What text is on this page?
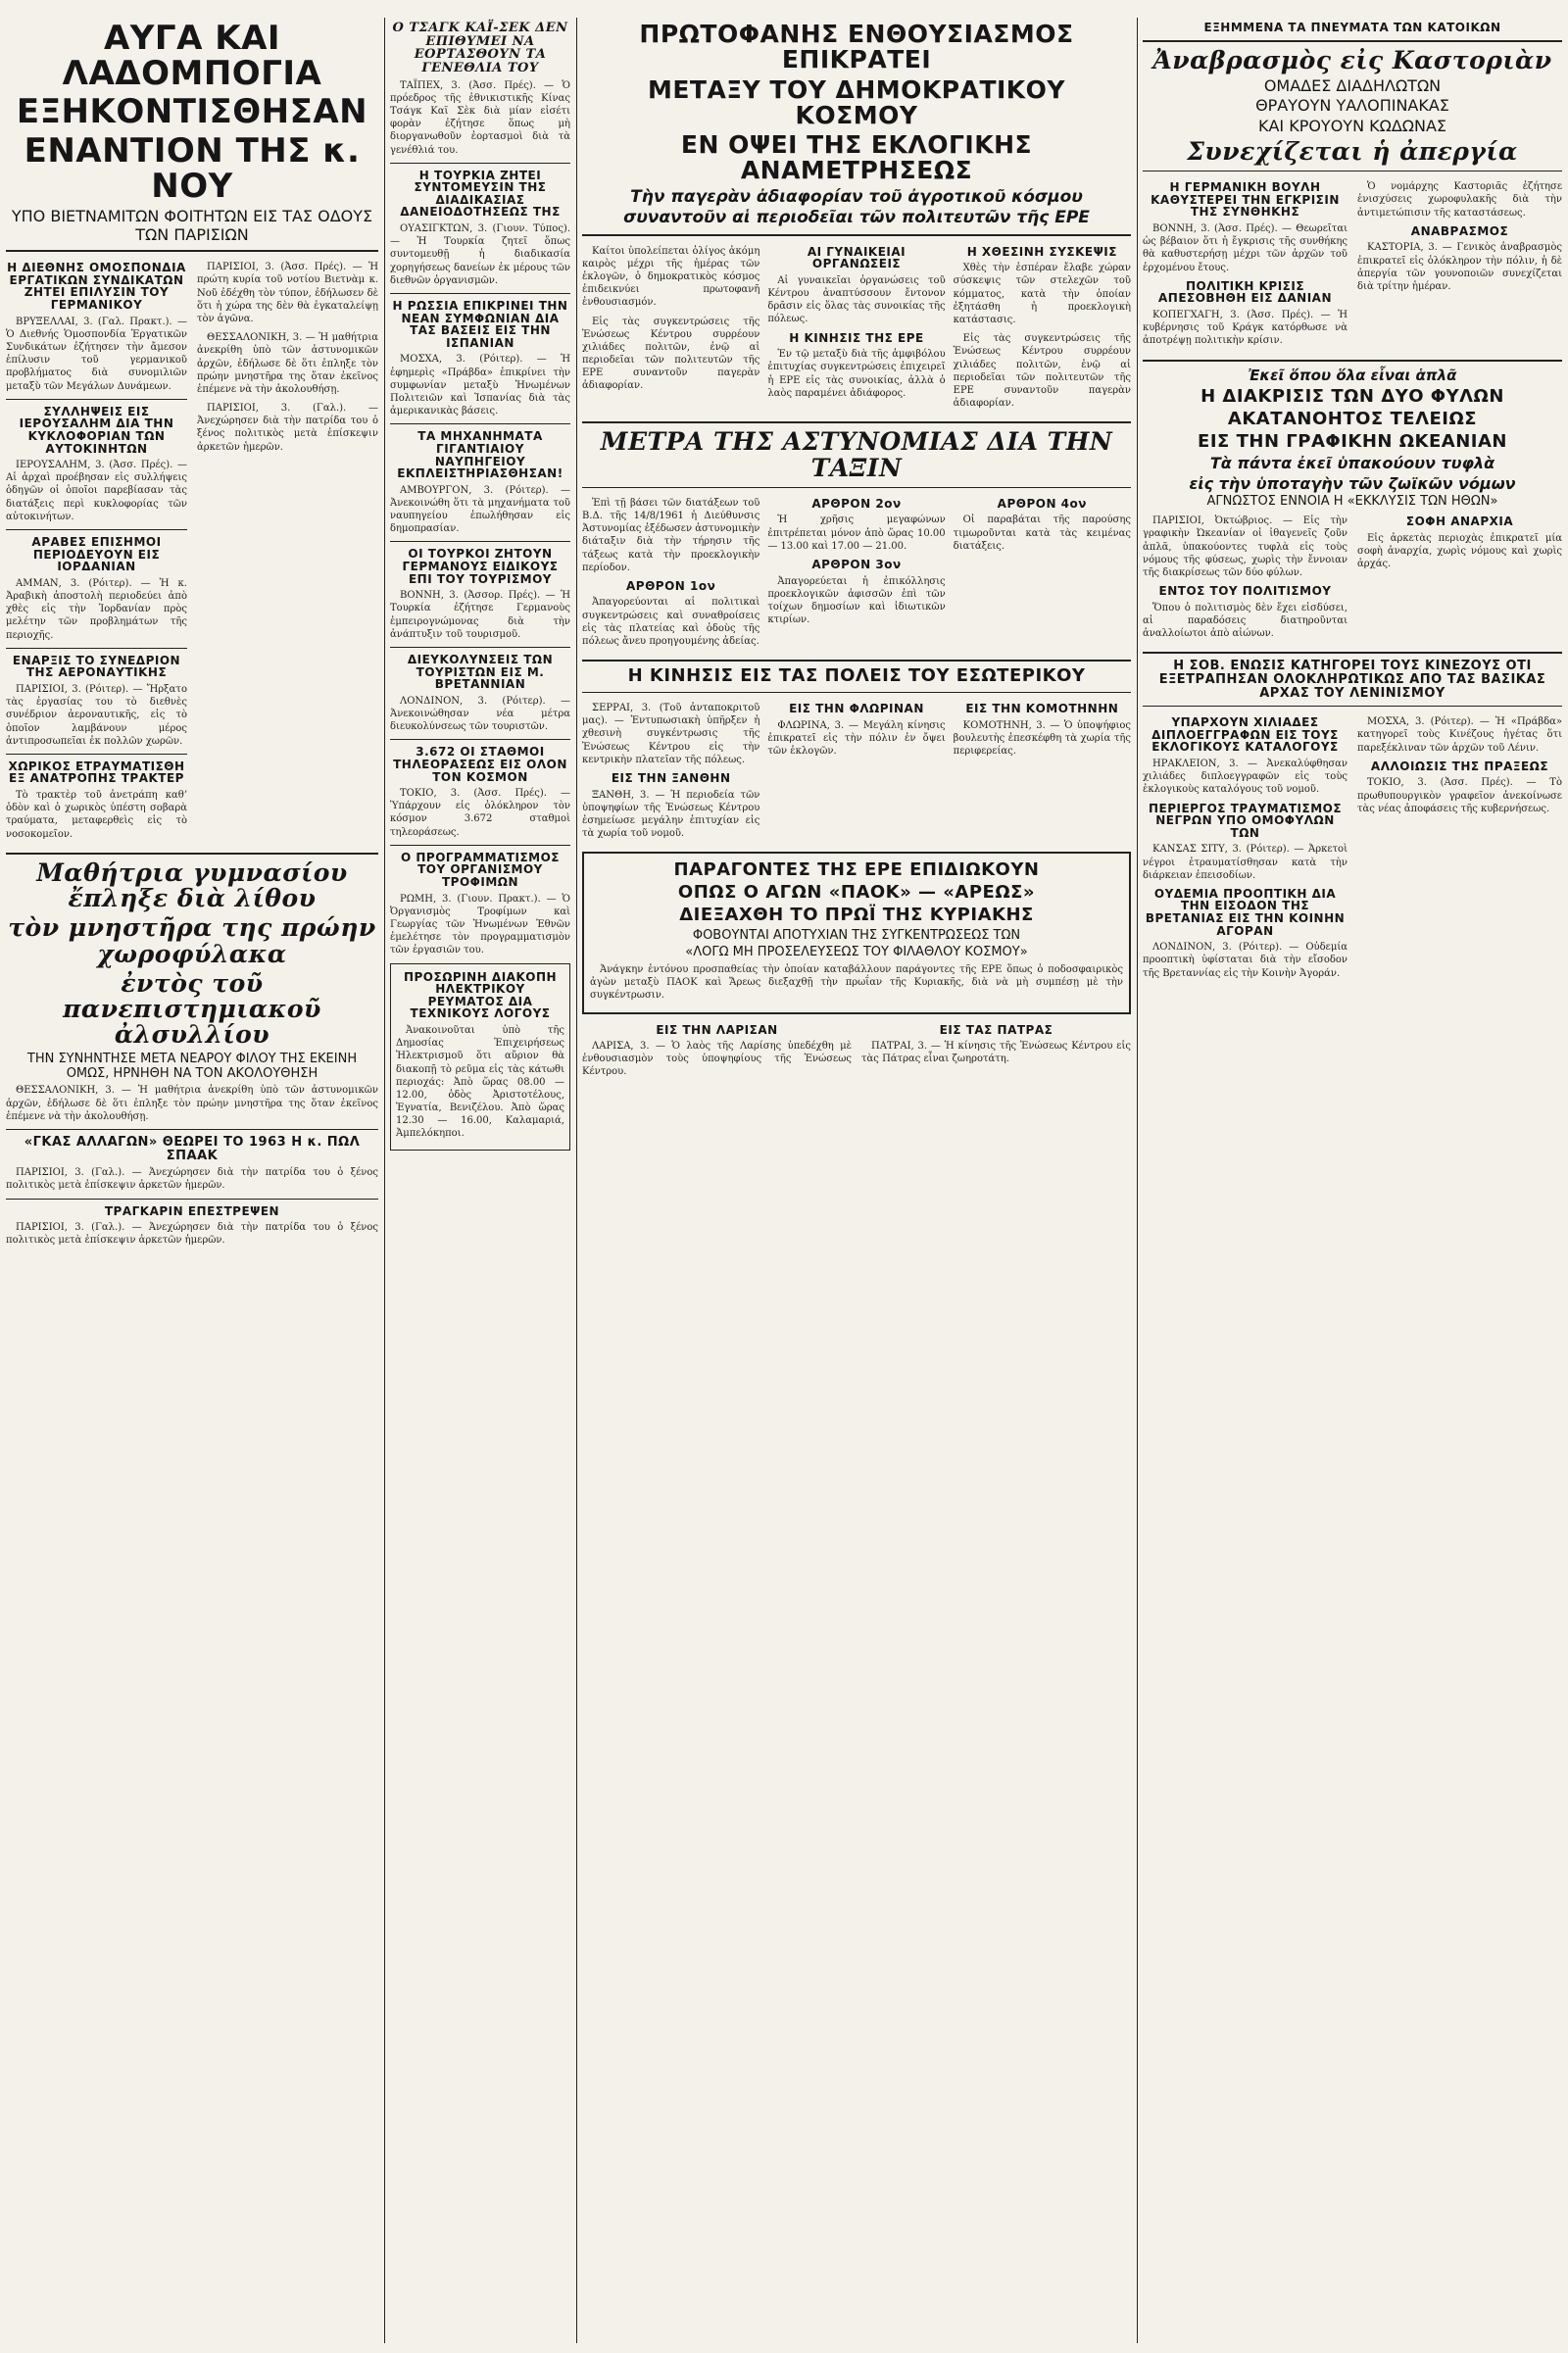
ΑΥΓΑ ΚΑΙ ΛΑΔΟΜΠΟΓΙΑ
ΕΞΗΚΟΝΤΙΣΘΗΣΑΝ
ΕΝΑΝΤΙΟΝ ΤΗΣ κ. ΝΟΥ
ΥΠΟ ΒΙΕΤΝΑΜΙΤΩΝ ΦΟΙΤΗΤΩΝ ΕΙΣ ΤΑΣ ΟΔΟΥΣ ΤΩΝ ΠΑΡΙΣΙΩΝ
Η ΔΙΕΘΝΗΣ ΟΜΟΣΠΟΝΔΙΑ ΕΡΓΑΤΙΚΩΝ ΣΥΝΔΙΚΑΤΩΝ ΖΗΤΕΙ ΕΠΙΛΥΣΙΝ ΤΟΥ ΓΕΡΜΑΝΙΚΟΥ

ΒΡΥΞΕΛΛΑΙ, 3. (Γαλ. Πρακτ.). — Ὁ Διεθνής Ὁμοσπονδία Ἐργατικῶν Συνδικάτων ἐζήτησεν τὴν ἄμεσον ἐπίλυσιν τοῦ γερμανικοῦ προβλήματος διὰ συνομιλιῶν μεταξὺ τῶν Μεγάλων Δυνάμεων.

ΣΥΛΛΗΨΕΙΣ ΕΙΣ ΙΕΡΟΥΣΑΛΗΜ ΔΙΑ ΤΗΝ ΚΥΚΛΟΦΟΡΙΑΝ ΤΩΝ ΑΥΤΟΚΙΝΗΤΩΝ

ΙΕΡΟΥΣΑΛΗΜ, 3. (Ἀσσ. Πρές). — Αἱ ἀρχαὶ προέβησαν εἰς συλλήψεις ὁδηγῶν οἱ ὁποῖοι παρεβίασαν τὰς διατάξεις περὶ κυκλοφορίας τῶν αὐτοκινήτων.

ΑΡΑΒΕΣ ΕΠΙΣΗΜΟΙ ΠΕΡΙΟΔΕΥΟΥΝ ΕΙΣ ΙΟΡΔΑΝΙΑΝ

ΑΜΜΑΝ, 3. (Ρόιτερ). — Ἡ κ. Ἀραβικὴ ἀποστολὴ περιοδεύει ἀπὸ χθὲς εἰς τὴν Ἰορδανίαν πρὸς μελέτην τῶν προβλημάτων τῆς περιοχῆς.

ΕΝΑΡΞΙΣ ΤΟ ΣΥΝΕΔΡΙΟΝ ΤΗΣ ΑΕΡΟΝΑΥΤΙΚΗΣ

ΠΑΡΙΣΙΟΙ, 3. (Ρόιτερ). — Ἤρξατο τὰς ἐργασίας του τὸ διεθνὲς συνέδριον ἀεροναυτικῆς, εἰς τὸ ὁποῖον λαμβάνουν μέρος ἀντιπροσωπεῖαι ἐκ πολλῶν χωρῶν.

ΧΩΡΙΚΟΣ ΕΤΡΑΥΜΑΤΙΣΘΗ ΕΞ ΑΝΑΤΡΟΠΗΣ ΤΡΑΚΤΕΡ

Τὸ τρακτὲρ τοῦ ἀνετράπη καθ’ ὁδὸν καὶ ὁ χωρικὸς ὑπέστη σοβαρὰ τραύματα, μεταφερθεὶς εἰς τὸ νοσοκομεῖον.

ΠΑΡΙΣΙΟΙ, 3. (Ἀσσ. Πρές). — Ἡ πρώτη κυρία τοῦ νοτίου Βιετνὰμ κ. Νοῦ ἐδέχθη τὸν τύπον, ἐδήλωσεν δὲ ὅτι ἡ χώρα της δὲν θὰ ἐγκαταλείψῃ τὸν ἀγῶνα.

ΘΕΣΣΑΛΟΝΙΚΗ, 3. — Ἡ μαθήτρια ἀνεκρίθη ὑπὸ τῶν ἀστυνομικῶν ἀρχῶν, ἐδήλωσε δὲ ὅτι ἐπληξε τὸν πρώην μνηστῆρα της ὅταν ἐκεῖνος ἐπέμενε νὰ τὴν ἀκολουθήσῃ.

ΠΑΡΙΣΙΟΙ, 3. (Γαλ.). — Ἀνεχώρησεν διὰ τὴν πατρίδα του ὁ ξένος πολιτικὸς μετὰ ἐπίσκεψιν ἀρκετῶν ἡμερῶν.

Μαθήτρια γυμνασίου ἔπληξε διὰ λίθου
τὸν μνηστῆρα της πρώην χωροφύλακα
ἐντὸς τοῦ πανεπιστημιακοῦ ἀλσυλλίου
ΤΗΝ ΣΥΝΗΝΤΗΣΕ ΜΕΤΑ ΝΕΑΡΟΥ ΦΙΛΟΥ ΤΗΣ ΕΚΕΙΝΗ ΟΜΩΣ, ΗΡΝΗΘΗ ΝΑ ΤΟΝ ΑΚΟΛΟΥΘΗΣΗ

ΘΕΣΣΑΛΟΝΙΚΗ, 3. — Ἡ μαθήτρια ἀνεκρίθη ὑπὸ τῶν ἀστυνομικῶν ἀρχῶν, ἐδήλωσε δὲ ὅτι ἐπληξε τὸν πρώην μνηστῆρα της ὅταν ἐκεῖνος ἐπέμενε νὰ τὴν ἀκολουθήσῃ.

«ΓΚΑΣ ΑΛΛΑΓΩΝ» ΘΕΩΡΕΙ ΤΟ 1963 Η κ. ΠΩΛ ΣΠΑΑΚ

ΠΑΡΙΣΙΟΙ, 3. (Γαλ.). — Ἀνεχώρησεν διὰ τὴν πατρίδα του ὁ ξένος πολιτικὸς μετὰ ἐπίσκεψιν ἀρκετῶν ἡμερῶν.

ΤΡΑΓΚΑΡΙΝ ΕΠΕΣΤΡΕΨΕΝ

ΠΑΡΙΣΙΟΙ, 3. (Γαλ.). — Ἀνεχώρησεν διὰ τὴν πατρίδα του ὁ ξένος πολιτικὸς μετὰ ἐπίσκεψιν ἀρκετῶν ἡμερῶν.

Ο ΤΣΑΓΚ ΚΑΪ-ΣΕΚ ΔΕΝ ΕΠΙΘΥΜΕΙ ΝΑ ΕΟΡΤΑΣΘΟΥΝ ΤΑ ΓΕΝΕΘΛΙΑ ΤΟΥ

ΤΑΪΠΕΧ, 3. (Ἀσσ. Πρές). — Ὁ πρόεδρος τῆς ἐθνικιστικῆς Κίνας Τσάγκ Καϊ Σὲκ διὰ μίαν εἰσέτι φορὰν ἐζήτησε ὅπως μὴ διοργανωθοῦν ἑορτασμοὶ διὰ τὰ γενέθλιά του.

Η ΤΟΥΡΚΙΑ ΖΗΤΕΙ ΣΥΝΤΟΜΕΥΣΙΝ ΤΗΣ ΔΙΑΔΙΚΑΣΙΑΣ ΔΑΝΕΙΟΔΟΤΗΣΕΩΣ ΤΗΣ

ΟΥΑΣΙΓΚΤΩΝ, 3. (Γιουν. Τύπος). — Ἡ Τουρκία ζητεῖ ὅπως συντομευθῇ ἡ διαδικασία χορηγήσεως δανείων ἐκ μέρους τῶν διεθνῶν ὀργανισμῶν.

Η ΡΩΣΣΙΑ ΕΠΙΚΡΙΝΕΙ ΤΗΝ ΝΕΑΝ ΣΥΜΦΩΝΙΑΝ ΔΙΑ ΤΑΣ ΒΑΣΕΙΣ ΕΙΣ ΤΗΝ ΙΣΠΑΝΙΑΝ

ΜΟΣΧΑ, 3. (Ρόιτερ). — Ἡ ἐφημερὶς «Πράβδα» ἐπικρίνει τὴν συμφωνίαν μεταξὺ Ἡνωμένων Πολιτειῶν καὶ Ἱσπανίας διὰ τὰς ἀμερικανικὰς βάσεις.

ΤΑ ΜΗΧΑΝΗΜΑΤΑ ΓΙΓΑΝΤΙΑΙΟΥ ΝΑΥΠΗΓΕΙΟΥ ΕΚΠΛΕΙΣΤΗΡΙΑΣΘΗΣΑΝ!

ΑΜΒΟΥΡΓΟΝ, 3. (Ρόιτερ). — Ἀνεκοινώθη ὅτι τὰ μηχανήματα τοῦ ναυπηγείου ἐπωλήθησαν εἰς δημοπρασίαν.

ΟΙ ΤΟΥΡΚΟΙ ΖΗΤΟΥΝ ΓΕΡΜΑΝΟΥΣ ΕΙΔΙΚΟΥΣ ΕΠΙ ΤΟΥ ΤΟΥΡΙΣΜΟΥ

ΒΟΝΝΗ, 3. (Ἀσσορ. Πρές). — Ἡ Τουρκία ἐζήτησε Γερμανοὺς ἐμπειρογνώμονας διὰ τὴν ἀνάπτυξιν τοῦ τουρισμοῦ.

ΔΙΕΥΚΟΛΥΝΣΕΙΣ ΤΩΝ ΤΟΥΡΙΣΤΩΝ ΕΙΣ Μ. ΒΡΕΤΑΝΝΙΑΝ

ΛΟΝΔΙΝΟΝ, 3. (Ρόιτερ). — Ἀνεκοινώθησαν νέα μέτρα διευκολύνσεως τῶν τουριστῶν.

3.672 ΟΙ ΣΤΑΘΜΟΙ ΤΗΛΕΟΡΑΣΕΩΣ ΕΙΣ ΟΛΟΝ ΤΟΝ ΚΟΣΜΟΝ

ΤΟΚΙΟ, 3. (Ἀσσ. Πρές). — Ὑπάρχουν εἰς ὁλόκληρον τὸν κόσμον 3.672 σταθμοὶ τηλεοράσεως.

Ο ΠΡΟΓΡΑΜΜΑΤΙΣΜΟΣ ΤΟΥ ΟΡΓΑΝΙΣΜΟΥ ΤΡΟΦΙΜΩΝ

ΡΩΜΗ, 3. (Γιουν. Πρακτ.). — Ὁ Ὀργανισμὸς Τροφίμων καὶ Γεωργίας τῶν Ἡνωμένων Ἐθνῶν ἐμελέτησε τὸν προγραμματισμὸν τῶν ἐργασιῶν του.

ΠΡΟΣΩΡΙΝΗ ΔΙΑΚΟΠΗ ΗΛΕΚΤΡΙΚΟΥ ΡΕΥΜΑΤΟΣ ΔΙΑ ΤΕΧΝΙΚΟΥΣ ΛΟΓΟΥΣ

Ἀνακοινοῦται ὑπὸ τῆς Δημοσίας Ἐπιχειρήσεως Ἠλεκτρισμοῦ ὅτι αὔριον θὰ διακοπῇ τὸ ρεῦμα εἰς τὰς κάτωθι περιοχάς: Ἀπὸ ὥρας 08.00 — 12.00, ὁδὸς Ἀριστοτέλους, Ἐγνατία, Βενιζέλου. Ἀπὸ ὥρας 12.30 — 16.00, Καλαμαριά, Ἀμπελόκηποι.

ΠΡΩΤΟΦΑΝΗΣ ΕΝΘΟΥΣΙΑΣΜΟΣ ΕΠΙΚΡΑΤΕΙ
ΜΕΤΑΞΥ ΤΟΥ ΔΗΜΟΚΡΑΤΙΚΟΥ ΚΟΣΜΟΥ
ΕΝ ΟΨΕΙ ΤΗΣ ΕΚΛΟΓΙΚΗΣ ΑΝΑΜΕΤΡΗΣΕΩΣ
Τὴν παγερὰν ἀδιαφορίαν τοῦ ἀγροτικοῦ κόσμου
συναντοῦν αἱ περιοδεῖαι τῶν πολιτευτῶν τῆς ΕΡΕ

Καίτοι ὑπολείπεται ὀλίγος ἀκόμη καιρὸς μέχρι τῆς ἡμέρας τῶν ἐκλογῶν, ὁ δημοκρατικὸς κόσμος ἐπιδεικνύει πρωτοφανῆ ἐνθουσιασμόν.

Εἰς τὰς συγκεντρώσεις τῆς Ἑνώσεως Κέντρου συρρέουν χιλιάδες πολιτῶν, ἐνῷ αἱ περιοδεῖαι τῶν πολιτευτῶν τῆς ΕΡΕ συναντοῦν παγερὰν ἀδιαφορίαν.

ΑΙ ΓΥΝΑΙΚΕΙΑΙ ΟΡΓΑΝΩΣΕΙΣ

Αἱ γυναικεῖαι ὀργανώσεις τοῦ Κέντρου ἀναπτύσσουν ἔντονον δρᾶσιν εἰς ὅλας τὰς συνοικίας τῆς πόλεως.

Η ΚΙΝΗΣΙΣ ΤΗΣ ΕΡΕ

Ἐν τῷ μεταξὺ διὰ τῆς ἀμφιβόλου ἐπιτυχίας συγκεντρώσεις ἐπιχειρεῖ ἡ ΕΡΕ εἰς τὰς συνοικίας, ἀλλὰ ὁ λαὸς παραμένει ἀδιάφορος.

Η ΧΘΕΣΙΝΗ ΣΥΣΚΕΨΙΣ

Χθὲς τὴν ἑσπέραν ἔλαβε χώραν σύσκεψις τῶν στελεχῶν τοῦ κόμματος, κατὰ τὴν ὁποίαν ἐξητάσθη ἡ προεκλογικὴ κατάστασις.

Εἰς τὰς συγκεντρώσεις τῆς Ἑνώσεως Κέντρου συρρέουν χιλιάδες πολιτῶν, ἐνῷ αἱ περιοδεῖαι τῶν πολιτευτῶν τῆς ΕΡΕ συναντοῦν παγερὰν ἀδιαφορίαν.

ΜΕΤΡΑ ΤΗΣ ΑΣΤΥΝΟΜΙΑΣ ΔΙΑ ΤΗΝ ΤΑΞΙΝ

Ἐπὶ τῇ βάσει τῶν διατάξεων τοῦ Β.Δ. τῆς 14/8/1961 ἡ Διεύθυνσις Ἀστυνομίας ἐξέδωσεν ἀστυνομικὴν διάταξιν διὰ τὴν τήρησιν τῆς τάξεως κατὰ τὴν προεκλογικὴν περίοδον.

ΑΡΘΡΟΝ 1ον

Ἀπαγορεύονται αἱ πολιτικαὶ συγκεντρώσεις καὶ συναθροίσεις εἰς τὰς πλατείας καὶ ὁδοὺς τῆς πόλεως ἄνευ προηγουμένης ἀδείας.

ΑΡΘΡΟΝ 2ον

Ἡ χρῆσις μεγαφώνων ἐπιτρέπεται μόνον ἀπὸ ὥρας 10.00 — 13.00 καὶ 17.00 — 21.00.

ΑΡΘΡΟΝ 3ον

Ἀπαγορεύεται ἡ ἐπικόλλησις προεκλογικῶν ἀφισσῶν ἐπὶ τῶν τοίχων δημοσίων καὶ ἰδιωτικῶν κτιρίων.

ΑΡΘΡΟΝ 4ον

Οἱ παραβάται τῆς παρούσης τιμωροῦνται κατὰ τὰς κειμένας διατάξεις.

Η ΚΙΝΗΣΙΣ ΕΙΣ ΤΑΣ ΠΟΛΕΙΣ ΤΟΥ ΕΣΩΤΕΡΙΚΟΥ

ΣΕΡΡΑΙ, 3. (Τοῦ ἀνταποκριτοῦ μας). — Ἐντυπωσιακὴ ὑπῆρξεν ἡ χθεσινὴ συγκέντρωσις τῆς Ἑνώσεως Κέντρου εἰς τὴν κεντρικὴν πλατεῖαν τῆς πόλεως.

ΕΙΣ ΤΗΝ ΞΑΝΘΗΝ

ΞΑΝΘΗ, 3. — Ἡ περιοδεία τῶν ὑποψηφίων τῆς Ἑνώσεως Κέντρου ἐσημείωσε μεγάλην ἐπιτυχίαν εἰς τὰ χωρία τοῦ νομοῦ.

ΕΙΣ ΤΗΝ ΦΛΩΡΙΝΑΝ

ΦΛΩΡΙΝΑ, 3. — Μεγάλη κίνησις ἐπικρατεῖ εἰς τὴν πόλιν ἐν ὄψει τῶν ἐκλογῶν.

ΕΙΣ ΤΗΝ ΚΟΜΟΤΗΝΗΝ

ΚΟΜΟΤΗΝΗ, 3. — Ὁ ὑποψήφιος βουλευτὴς ἐπεσκέφθη τὰ χωρία τῆς περιφερείας.

ΠΑΡΑΓΟΝΤΕΣ ΤΗΣ ΕΡΕ ΕΠΙΔΙΩΚΟΥΝ
ΟΠΩΣ Ο ΑΓΩΝ «ΠΑΟΚ» — «ΑΡΕΩΣ»
ΔΙΕΞΑΧΘΗ ΤΟ ΠΡΩΪ ΤΗΣ ΚΥΡΙΑΚΗΣ
ΦΟΒΟΥΝΤΑΙ ΑΠΟΤΥΧΙΑΝ ΤΗΣ ΣΥΓΚΕΝΤΡΩΣΕΩΣ ΤΩΝ
«ΛΟΓΩ ΜΗ ΠΡΟΣΕΛΕΥΣΕΩΣ ΤΟΥ ΦΙΛΑΘΛΟΥ ΚΟΣΜΟΥ»

Ἀνάγκην ἐντόνου προσπαθείας τὴν ὁποίαν καταβάλλουν παράγοντες τῆς ΕΡΕ ὅπως ὁ ποδοσφαιρικὸς ἀγὼν μεταξὺ ΠΑΟΚ καὶ Ἄρεως διεξαχθῇ τὴν πρωΐαν τῆς Κυριακῆς, διὰ νὰ μὴ συμπέσῃ μὲ τὴν συγκέντρωσιν.

ΕΙΣ ΤΗΝ ΛΑΡΙΣΑΝ

ΛΑΡΙΣΑ, 3. — Ὁ λαὸς τῆς Λαρίσης ὑπεδέχθη μὲ ἐνθουσιασμὸν τοὺς ὑποψηφίους τῆς Ἑνώσεως Κέντρου.

ΕΙΣ ΤΑΣ ΠΑΤΡΑΣ

ΠΑΤΡΑΙ, 3. — Ἡ κίνησις τῆς Ἑνώσεως Κέντρου εἰς τὰς Πάτρας εἶναι ζωηροτάτη.

ΕΞΗΜΜΕΝΑ ΤΑ ΠΝΕΥΜΑΤΑ ΤΩΝ ΚΑΤΟΙΚΩΝ
Ἀναβρασμὸς εἰς Καστοριὰν
ΟΜΑΔΕΣ ΔΙΑΔΗΛΩΤΩΝ
ΘΡΑΥΟΥΝ ΥΑΛΟΠΙΝΑΚΑΣ
ΚΑΙ ΚΡΟΥΟΥΝ ΚΩΔΩΝΑΣ
Συνεχίζεται ἡ ἀπεργία
Η ΓΕΡΜΑΝΙΚΗ ΒΟΥΛΗ ΚΑΘΥΣΤΕΡΕΙ ΤΗΝ ΕΓΚΡΙΣΙΝ ΤΗΣ ΣΥΝΘΗΚΗΣ

ΒΟΝΝΗ, 3. (Ἀσσ. Πρές). — Θεωρεῖται ὡς βέβαιον ὅτι ἡ ἔγκρισις τῆς συνθήκης θὰ καθυστερήσῃ μέχρι τῶν ἀρχῶν τοῦ ἐρχομένου ἔτους.

ΠΟΛΙΤΙΚΗ ΚΡΙΣΙΣ ΑΠΕΣΟΒΗΘΗ ΕΙΣ ΔΑΝΙΑΝ

ΚΟΠΕΓΧΑΓΗ, 3. (Ἀσσ. Πρές). — Ἡ κυβέρνησις τοῦ Κράγκ κατόρθωσε νὰ ἀποτρέψῃ πολιτικὴν κρίσιν.

Ὁ νομάρχης Καστοριᾶς ἐζήτησε ἐνισχύσεις χωροφυλακῆς διὰ τὴν ἀντιμετώπισιν τῆς καταστάσεως.

ΑΝΑΒΡΑΣΜΟΣ

ΚΑΣΤΟΡΙΑ, 3. — Γενικὸς ἀναβρασμὸς ἐπικρατεῖ εἰς ὁλόκληρον τὴν πόλιν, ἡ δὲ ἀπεργία τῶν γουνοποιῶν συνεχίζεται διὰ τρίτην ἡμέραν.

Ἐκεῖ ὅπου ὅλα εἶναι ἁπλᾶ
Η ΔΙΑΚΡΙΣΙΣ ΤΩΝ ΔΥΟ ΦΥΛΩΝ
ΑΚΑΤΑΝΟΗΤΟΣ ΤΕΛΕΙΩΣ
ΕΙΣ ΤΗΝ ΓΡΑΦΙΚΗΝ ΩΚΕΑΝΙΑΝ
Τὰ πάντα ἐκεῖ ὑπακούουν τυφλὰ
εἰς τὴν ὑποταγὴν τῶν ζωϊκῶν νόμων
ΑΓΝΩΣΤΟΣ ΕΝΝΟΙΑ Η «ΕΚΚΛΥΣΙΣ ΤΩΝ ΗΘΩΝ»

ΠΑΡΙΣΙΟΙ, Ὀκτώβριος. — Εἰς τὴν γραφικὴν Ὠκεανίαν οἱ ἰθαγενεῖς ζοῦν ἁπλᾶ, ὑπακούοντες τυφλὰ εἰς τοὺς νόμους τῆς φύσεως, χωρὶς τὴν ἔννοιαν τῆς διακρίσεως τῶν δύο φύλων.

ΕΝΤΟΣ ΤΟΥ ΠΟΛΙΤΙΣΜΟΥ

Ὅπου ὁ πολιτισμὸς δὲν ἔχει εἰσδύσει, αἱ παραδόσεις διατηροῦνται ἀναλλοίωτοι ἀπὸ αἰώνων.

ΣΟΦΗ ΑΝΑΡΧΙΑ

Εἰς ἀρκετὰς περιοχὰς ἐπικρατεῖ μία σοφὴ ἀναρχία, χωρὶς νόμους καὶ χωρὶς ἀρχάς.

Η ΣΟΒ. ΕΝΩΣΙΣ ΚΑΤΗΓΟΡΕΙ ΤΟΥΣ ΚΙΝΕΖΟΥΣ ΟΤΙ ΕΞΕΤΡΑΠΗΣΑΝ ΟΛΟΚΛΗΡΩΤΙΚΩΣ ΑΠΟ ΤΑΣ ΒΑΣΙΚΑΣ ΑΡΧΑΣ ΤΟΥ ΛΕΝΙΝΙΣΜΟΥ
ΥΠΑΡΧΟΥΝ ΧΙΛΙΑΔΕΣ ΔΙΠΛΟΕΓΓΡΑΦΩΝ ΕΙΣ ΤΟΥΣ ΕΚΛΟΓΙΚΟΥΣ ΚΑΤΑΛΟΓΟΥΣ

ΗΡΑΚΛΕΙΟΝ, 3. — Ἀνεκαλύφθησαν χιλιάδες διπλοεγγραφῶν εἰς τοὺς ἐκλογικοὺς καταλόγους τοῦ νομοῦ.

ΠΕΡΙΕΡΓΟΣ ΤΡΑΥΜΑΤΙΣΜΟΣ ΝΕΓΡΩΝ ΥΠΟ ΟΜΟΦΥΛΩΝ ΤΩΝ

ΚΑΝΣΑΣ ΣΙΤΥ, 3. (Ρόιτερ). — Ἀρκετοὶ νέγροι ἐτραυματίσθησαν κατὰ τὴν διάρκειαν ἐπεισοδίων.

ΟΥΔΕΜΙΑ ΠΡΟΟΠΤΙΚΗ ΔΙΑ ΤΗΝ ΕΙΣΟΔΟΝ ΤΗΣ ΒΡΕΤΑΝΙΑΣ ΕΙΣ ΤΗΝ ΚΟΙΝΗΝ ΑΓΟΡΑΝ

ΛΟΝΔΙΝΟΝ, 3. (Ρόιτερ). — Οὐδεμία προοπτικὴ ὑφίσταται διὰ τὴν εἴσοδον τῆς Βρεταννίας εἰς τὴν Κοινὴν Ἀγοράν.

ΜΟΣΧΑ, 3. (Ρόιτερ). — Ἡ «Πράβδα» κατηγορεῖ τοὺς Κινέζους ἡγέτας ὅτι παρεξέκλιναν τῶν ἀρχῶν τοῦ Λένιν.

ΑΛΛΟΙΩΣΙΣ ΤΗΣ ΠΡΑΞΕΩΣ

ΤΟΚΙΟ, 3. (Ἀσσ. Πρές). — Τὸ πρωθυπουργικὸν γραφεῖον ἀνεκοίνωσε τὰς νέας ἀποφάσεις τῆς κυβερνήσεως.
